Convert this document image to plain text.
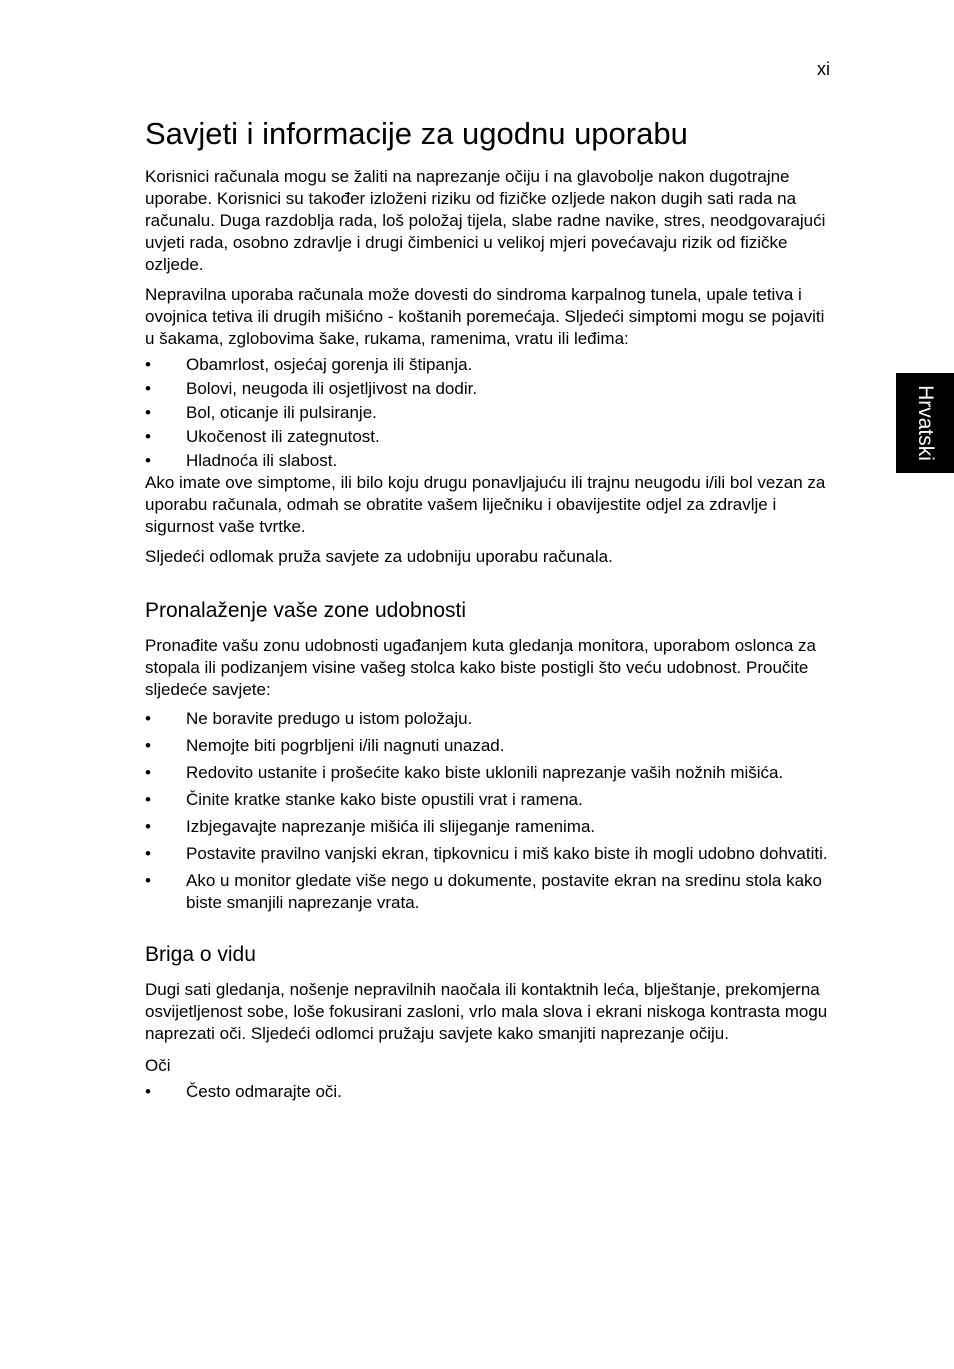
xi
Hrvatski
Savjeti i informacije za ugodnu uporabu

Korisnici računala mogu se žaliti na naprezanje očiju i na glavobolje nakon dugotrajne uporabe. Korisnici su također izloženi riziku od fizičke ozljede nakon dugih sati rada na računalu. Duga razdoblja rada, loš položaj tijela, slabe radne navike, stres, neodgovarajući uvjeti rada, osobno zdravlje i drugi čimbenici u velikoj mjeri povećavaju rizik od fizičke ozljede.

Nepravilna uporaba računala može dovesti do sindroma karpalnog tunela, upale tetiva i ovojnica tetiva ili drugih mišićno - koštanih poremećaja. Sljedeći simptomi mogu se pojaviti u šakama, zglobovima šake, rukama, ramenima, vratu ili leđima:

• Obamrlost, osjećaj gorenja ili štipanja.
• Bolovi, neugoda ili osjetljivost na dodir.
• Bol, oticanje ili pulsiranje.
• Ukočenost ili zategnutost.
• Hladnoća ili slabost.

Ako imate ove simptome, ili bilo koju drugu ponavljajuću ili trajnu neugodu i/ili bol vezan za uporabu računala, odmah se obratite vašem liječniku i obavijestite odjel za zdravlje i sigurnost vaše tvrtke.

Sljedeći odlomak pruža savjete za udobniju uporabu računala.

Pronalaženje vaše zone udobnosti

Pronađite vašu zonu udobnosti ugađanjem kuta gledanja monitora, uporabom oslonca za stopala ili podizanjem visine vašeg stolca kako biste postigli što veću udobnost. Proučite sljedeće savjete:

• Ne boravite predugo u istom položaju.
• Nemojte biti pogrbljeni i/ili nagnuti unazad.
• Redovito ustanite i prošećite kako biste uklonili naprezanje vaših nožnih mišića.
• Činite kratke stanke kako biste opustili vrat i ramena.
• Izbjegavajte naprezanje mišića ili slijeganje ramenima.
• Postavite pravilno vanjski ekran, tipkovnicu i miš kako biste ih mogli udobno dohvatiti.
• Ako u monitor gledate više nego u dokumente, postavite ekran na sredinu stola kako biste smanjili naprezanje vrata.
Briga o vidu

Dugi sati gledanja, nošenje nepravilnih naočala ili kontaktnih leća, blještanje, prekomjerna osvijetljenost sobe, loše fokusirani zasloni, vrlo mala slova i ekrani niskoga kontrasta mogu naprezati oči. Sljedeći odlomci pružaju savjete kako smanjiti naprezanje očiju.

Oči

• Često odmarajte oči.
